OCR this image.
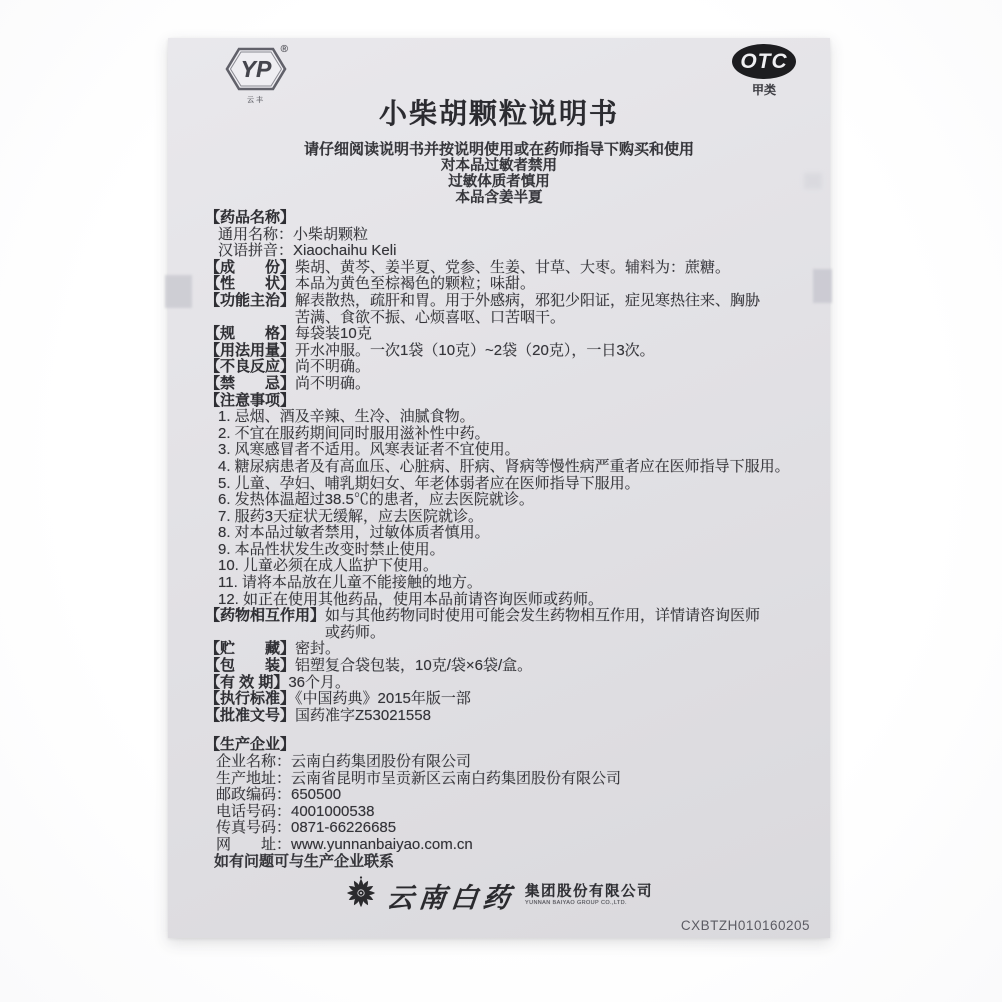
®
YP
云丰
OTC
甲类
小柴胡颗粒说明书
请仔细阅读说明书并按说明使用或在药师指导下购买和使用
对本品过敏者禁用
过敏体质者慎用
本品含姜半夏
【药品名称】
通用名称：小柴胡颗粒
汉语拼音：Xiaochaihu Keli
【成　　份】柴胡、黄芩、姜半夏、党参、生姜、甘草、大枣。辅料为：蔗糖。
【性　　状】本品为黄色至棕褐色的颗粒；味甜。
【功能主治】解表散热，疏肝和胃。用于外感病，邪犯少阳证，症见寒热往来、胸胁
苦满、食欲不振、心烦喜呕、口苦咽干。
【规　　格】每袋装10克
【用法用量】开水冲服。一次1袋（10克）~2袋（20克），一日3次。
【不良反应】尚不明确。
【禁　　忌】尚不明确。
【注意事项】
1. 忌烟、酒及辛辣、生冷、油腻食物。
2. 不宜在服药期间同时服用滋补性中药。
3. 风寒感冒者不适用。风寒表证者不宜使用。
4. 糖尿病患者及有高血压、心脏病、肝病、肾病等慢性病严重者应在医师指导下服用。
5. 儿童、孕妇、哺乳期妇女、年老体弱者应在医师指导下服用。
6. 发热体温超过38.5℃的患者，应去医院就诊。
7. 服药3天症状无缓解，应去医院就诊。
8. 对本品过敏者禁用，过敏体质者慎用。
9. 本品性状发生改变时禁止使用。
10. 儿童必须在成人监护下使用。
11. 请将本品放在儿童不能接触的地方。
12. 如正在使用其他药品，使用本品前请咨询医师或药师。
【药物相互作用】如与其他药物同时使用可能会发生药物相互作用，详情请咨询医师
或药师。
【贮　　藏】密封。
【包　　装】铝塑复合袋包装，10克/袋×6袋/盒。
【有 效 期】36个月。
【执行标准】《中国药典》2015年版一部
【批准文号】国药准字Z53021558
【生产企业】
企业名称：云南白药集团股份有限公司
生产地址：云南省昆明市呈贡新区云南白药集团股份有限公司
邮政编码：650500
电话号码：4001000538
传真号码：0871-66226685
网　　址：www.yunnanbaiyao.com.cn
如有问题可与生产企业联系
云南白药 集团股份有限公司
YUNNAN BAIYAO GROUP CO.,LTD.
CXBTZH010160205
